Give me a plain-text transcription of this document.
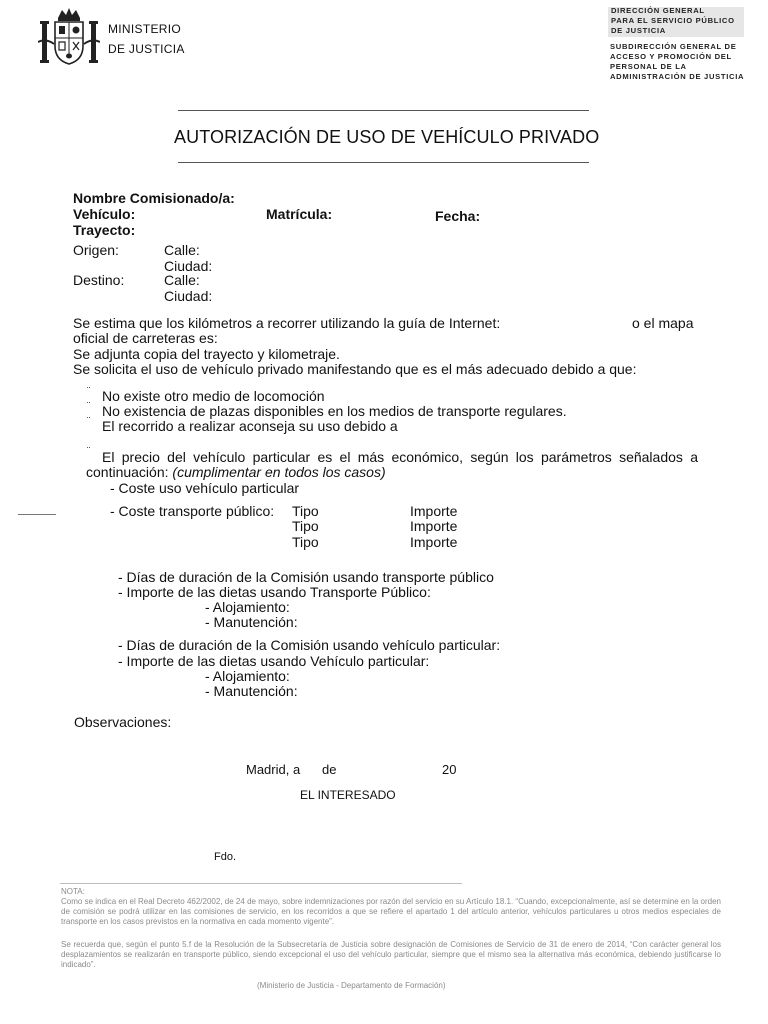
MINISTERIO
DE JUSTICIA
DIRECCIÓN GENERAL
PARA EL SERVICIO PÚBLICO
DE JUSTICIA
SUBDIRECCIÓN GENERAL DE
ACCESO Y PROMOCIÓN DEL
PERSONAL DE LA
ADMINISTRACIÓN DE JUSTICIA
AUTORIZACIÓN DE USO DE VEHÍCULO PRIVADO
Nombre Comisionado/a:
Vehículo:	Matrícula:	Fecha:
Trayecto:
Origen:	Calle:
Ciudad:
Destino:	Calle:
Ciudad:
Se estima que los kilómetros a recorrer utilizando la guía de Internet:	o el mapa
oficial de carreteras es:
Se adjunta copia del trayecto y kilometraje.
Se solicita el uso de vehículo privado manifestando que es el más adecuado debido a que:
¨ No existe otro medio de locomoción
¨ No existencia de plazas disponibles en los medios de transporte regulares.
¨ El recorrido a realizar aconseja su uso debido a
¨ El precio del vehículo particular es el más económico, según los parámetros señalados a
continuación: (cumplimentar en todos los casos)
- Coste uso vehículo particular
- Coste transporte público: Tipo	Importe
Tipo	Importe
Tipo	Importe
- Días de duración de la Comisión usando transporte público
- Importe de las dietas usando Transporte Público:
- Alojamiento:
- Manutención:
- Días de duración de la Comisión usando vehículo particular:
- Importe de las dietas usando Vehículo particular:
- Alojamiento:
- Manutención:
Observaciones:
Madrid, a de	20
EL INTERESADO
Fdo.
NOTA:
Como se indica en el Real Decreto 462/2002, de 24 de mayo, sobre indemnizaciones por razón del servicio en su Artículo 18.1. “Cuando, excepcionalmente, así se determine en la orden de comisión se podrá utilizar en las comisiones de servicio, en los recorridos a que se refiere el apartado 1 del artículo anterior, vehículos particulares u otros medios especiales de transporte en los casos previstos en la normativa en cada momento vigente”.
Se recuerda que, según el punto 5.f de la Resolución de la Subsecretaría de Justicia sobre designación de Comisiones de Servicio de 31 de enero de 2014, “Con carácter general los desplazamientos se realizarán en transporte público, siendo excepcional el uso del vehículo particular, siempre que el mismo sea la alternativa más económica, debiendo justificarse lo indicado”.
(Ministerio de Justicia - Departamento de Formación)
